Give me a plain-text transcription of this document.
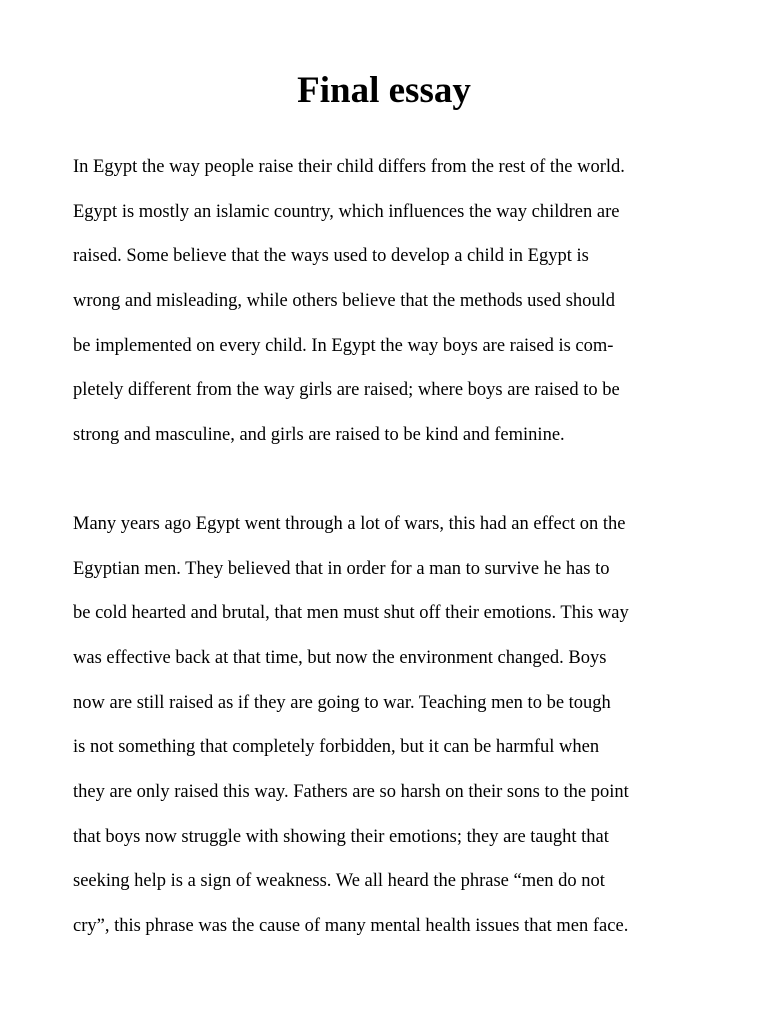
Final essay

In Egypt the way people raise their child differs from the rest of the world.

Egypt is mostly an islamic country, which influences the way children are

raised. Some believe that the ways used to develop a child in Egypt is

wrong and misleading, while others believe that the methods used should

be implemented on every child. In Egypt the way boys are raised is com-

pletely different from the way girls are raised; where boys are raised to be

strong and masculine, and girls are raised to be kind and feminine.

Many years ago Egypt went through a lot of wars, this had an effect on the

Egyptian men. They believed that in order for a man to survive he has to

be cold hearted and brutal, that men must shut off their emotions. This way

was effective back at that time, but now the environment changed. Boys

now are still raised as if they are going to war. Teaching men to be tough

is not something that completely forbidden, but it can be harmful when

they are only raised this way. Fathers are so harsh on their sons to the point

that boys now struggle with showing their emotions; they are taught that

seeking help is a sign of weakness. We all heard the phrase “men do not

cry”, this phrase was the cause of many mental health issues that men face.
